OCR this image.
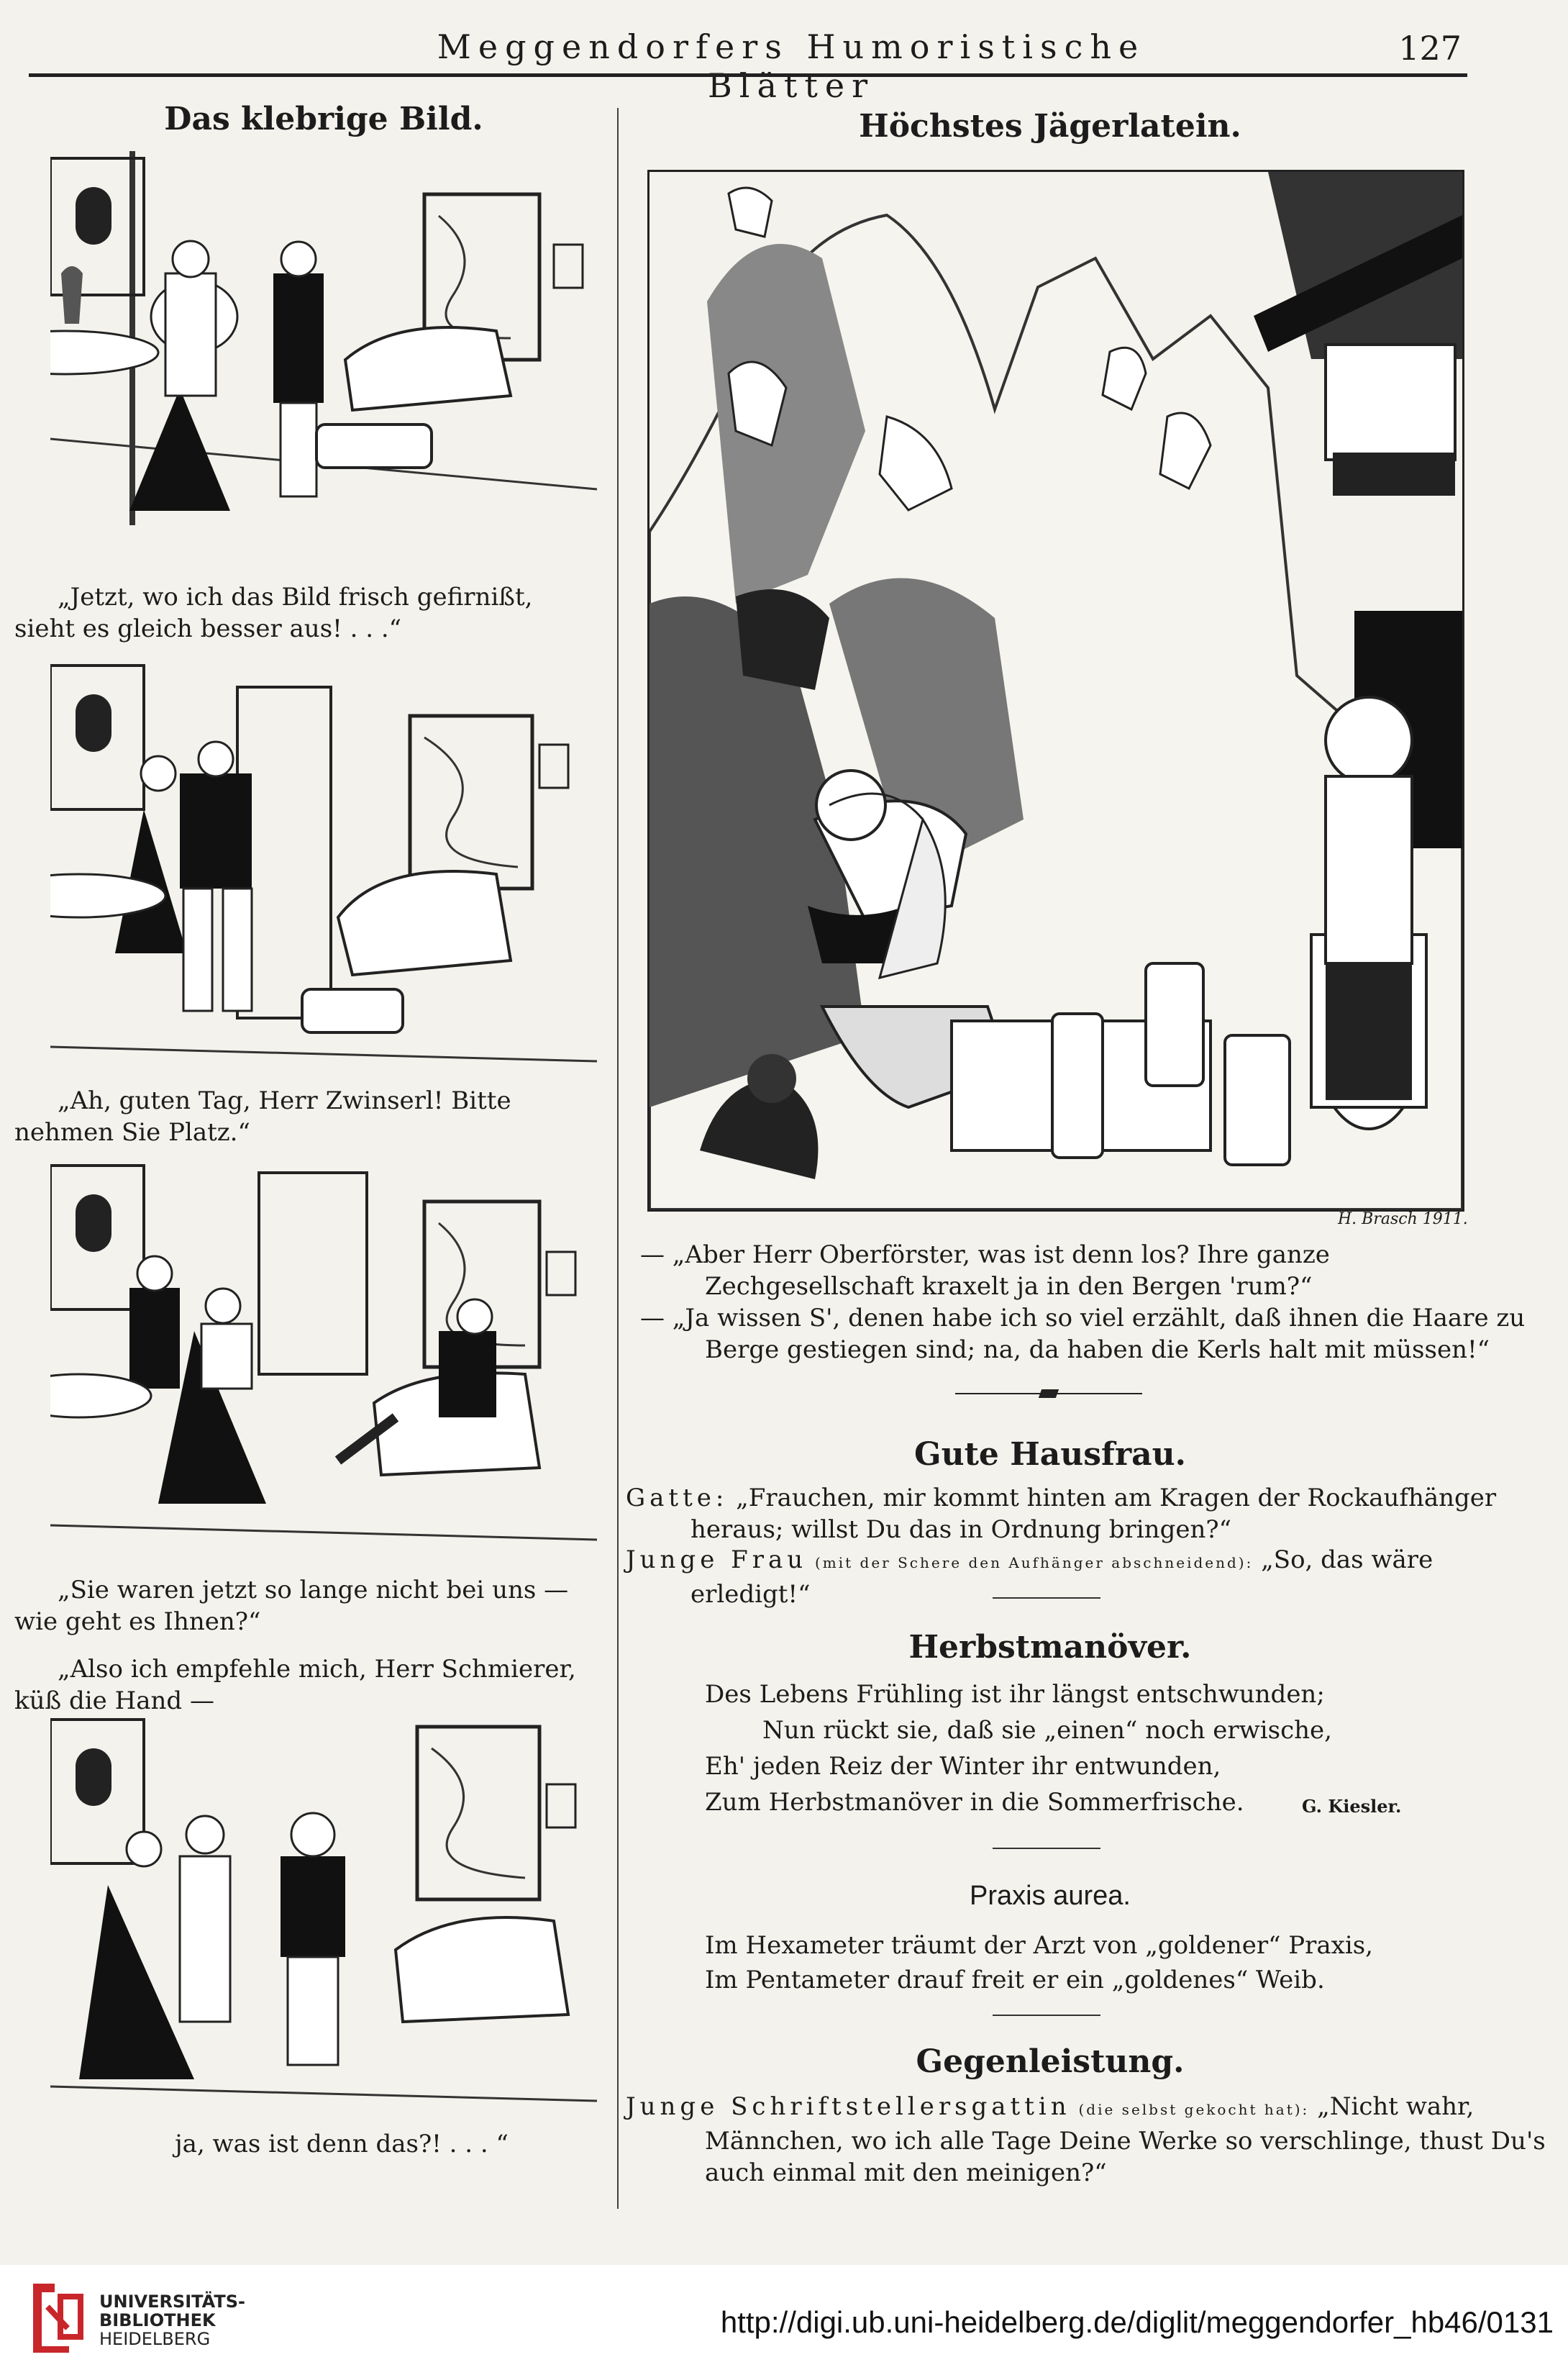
Meggendorfers Humoristische Blätter
127
Das klebrige Bild.
„Jetzt, wo ich das Bild frisch gefirnißt, sieht es gleich besser aus! . . .“
„Ah, guten Tag, Herr Zwinserl! Bitte nehmen Sie Platz.“
„Sie waren jetzt so lange nicht bei uns — wie geht es Ihnen?“
„Also ich empfehle mich, Herr Schmierer, küß die Hand —
ja, was ist denn das?! . . . “
Höchstes Jägerlatein.
H. Brasch 1911.
— „Aber Herr Oberförster, was ist denn los? Ihre ganze Zechgesellschaft kraxelt ja in den Bergen 'rum?“
— „Ja wissen S', denen habe ich so viel erzählt, daß ihnen die Haare zu Berge gestiegen sind; na, da haben die Kerls halt mit müssen!“
Gute Hausfrau.
Gatte: „Frauchen, mir kommt hinten am Kragen der Rockaufhänger heraus; willst Du das in Ordnung bringen?“
Junge Frau (mit der Schere den Aufhänger abschneidend): „So, das wäre erledigt!“
Herbstmanöver.
Des Lebens Frühling ist ihr längst entschwunden;
Nun rückt sie, daß sie „einen“ noch erwische,
Eh' jeden Reiz der Winter ihr entwunden,
Zum Herbstmanöver in die Sommerfrische.	G. Kiesler.
Praxis aurea.
Im Hexameter träumt der Arzt von „goldener“ Praxis,
Im Pentameter drauf freit er ein „goldenes“ Weib.
Gegenleistung.
Junge Schriftstellersgattin (die selbst gekocht hat): „Nicht wahr, Männchen, wo ich alle Tage Deine Werke so verschlinge, thust Du's auch einmal mit den meinigen?“
UNIVERSITÄTS-
BIBLIOTHEK
HEIDELBERG	http://digi.ub.uni-heidelberg.de/diglit/meggendorfer_hb46/0131
